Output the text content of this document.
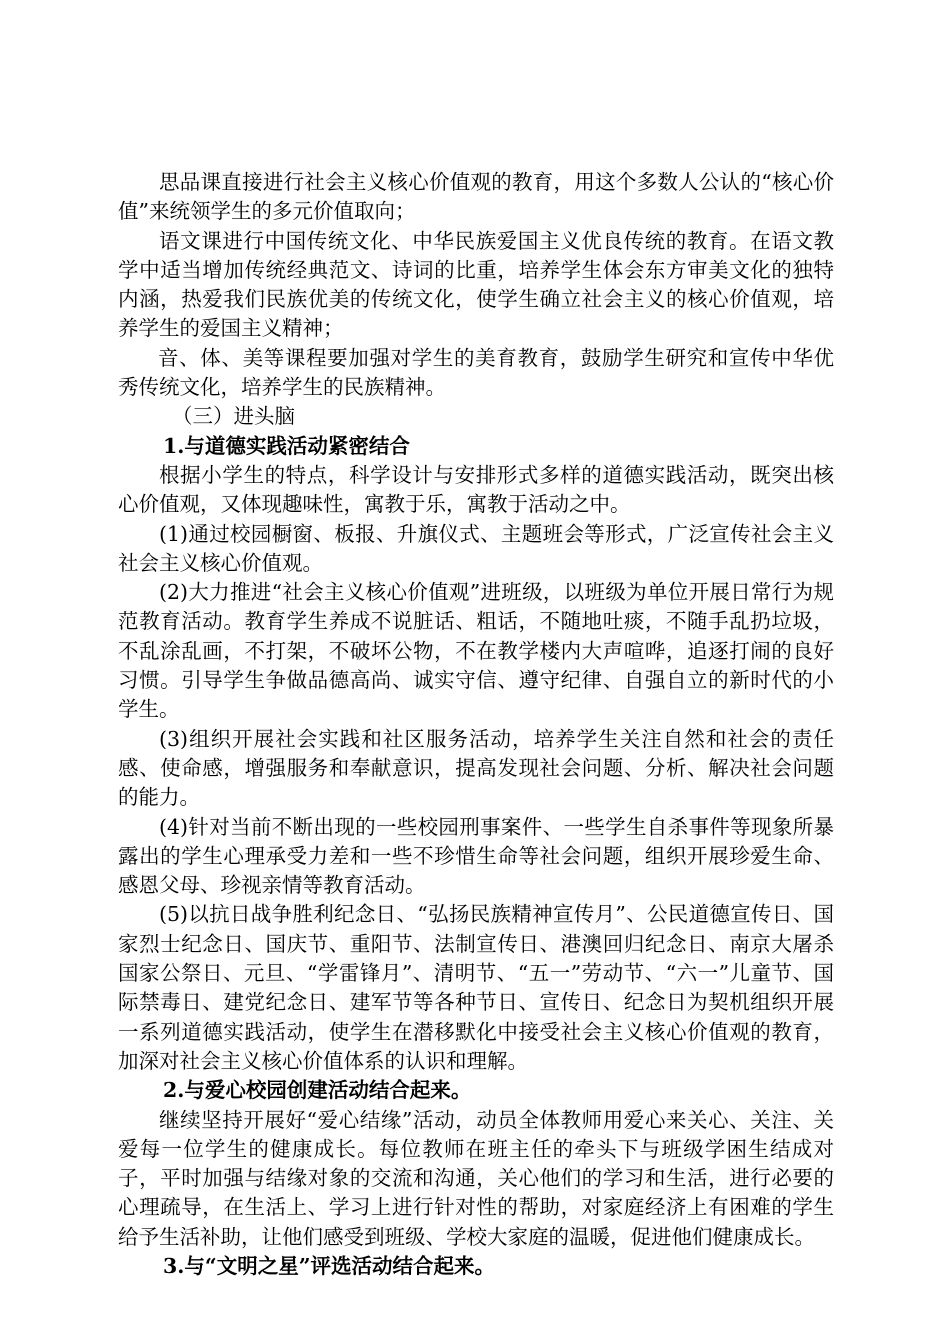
思品课直接进行社会主义核心价值观的教育，用这个多数人公认的“核心价值”来统领学生的多元价值取向；

语文课进行中国传统文化、中华民族爱国主义优良传统的教育。在语文教学中适当增加传统经典范文、诗词的比重，培养学生体会东方审美文化的独特内涵，热爱我们民族优美的传统文化，使学生确立社会主义的核心价值观，培养学生的爱国主义精神；

音、体、美等课程要加强对学生的美育教育，鼓励学生研究和宣传中华优秀传统文化，培养学生的民族精神。

（三）进头脑

1.与道德实践活动紧密结合

根据小学生的特点，科学设计与安排形式多样的道德实践活动，既突出核心价值观，又体现趣味性，寓教于乐，寓教于活动之中。

(1)通过校园橱窗、板报、升旗仪式、主题班会等形式，广泛宣传社会主义社会主义核心价值观。

(2)大力推进“社会主义核心价值观”进班级，以班级为单位开展日常行为规范教育活动。教育学生养成不说脏话、粗话，不随地吐痰，不随手乱扔垃圾，不乱涂乱画，不打架，不破坏公物，不在教学楼内大声喧哗，追逐打闹的良好习惯。引导学生争做品德高尚、诚实守信、遵守纪律、自强自立的新时代的小学生。

(3)组织开展社会实践和社区服务活动，培养学生关注自然和社会的责任感、使命感，增强服务和奉献意识，提高发现社会问题、分析、解决社会问题的能力。

(4)针对当前不断出现的一些校园刑事案件、一些学生自杀事件等现象所暴露出的学生心理承受力差和一些不珍惜生命等社会问题，组织开展珍爱生命、感恩父母、珍视亲情等教育活动。

(5)以抗日战争胜利纪念日、“弘扬民族精神宣传月”、公民道德宣传日、国家烈士纪念日、国庆节、重阳节、法制宣传日、港澳回归纪念日、南京大屠杀国家公祭日、元旦、“学雷锋月”、清明节、“五一”劳动节、“六一”儿童节、国际禁毒日、建党纪念日、建军节等各种节日、宣传日、纪念日为契机组织开展一系列道德实践活动，使学生在潜移默化中接受社会主义核心价值观的教育，加深对社会主义核心价值体系的认识和理解。

2.与爱心校园创建活动结合起来。

继续坚持开展好“爱心结缘”活动，动员全体教师用爱心来关心、关注、关爱每一位学生的健康成长。每位教师在班主任的牵头下与班级学困生结成对子，平时加强与结缘对象的交流和沟通，关心他们的学习和生活，进行必要的心理疏导，在生活上、学习上进行针对性的帮助，对家庭经济上有困难的学生给予生活补助，让他们感受到班级、学校大家庭的温暖，促进他们健康成长。

3.与“文明之星”评选活动结合起来。
